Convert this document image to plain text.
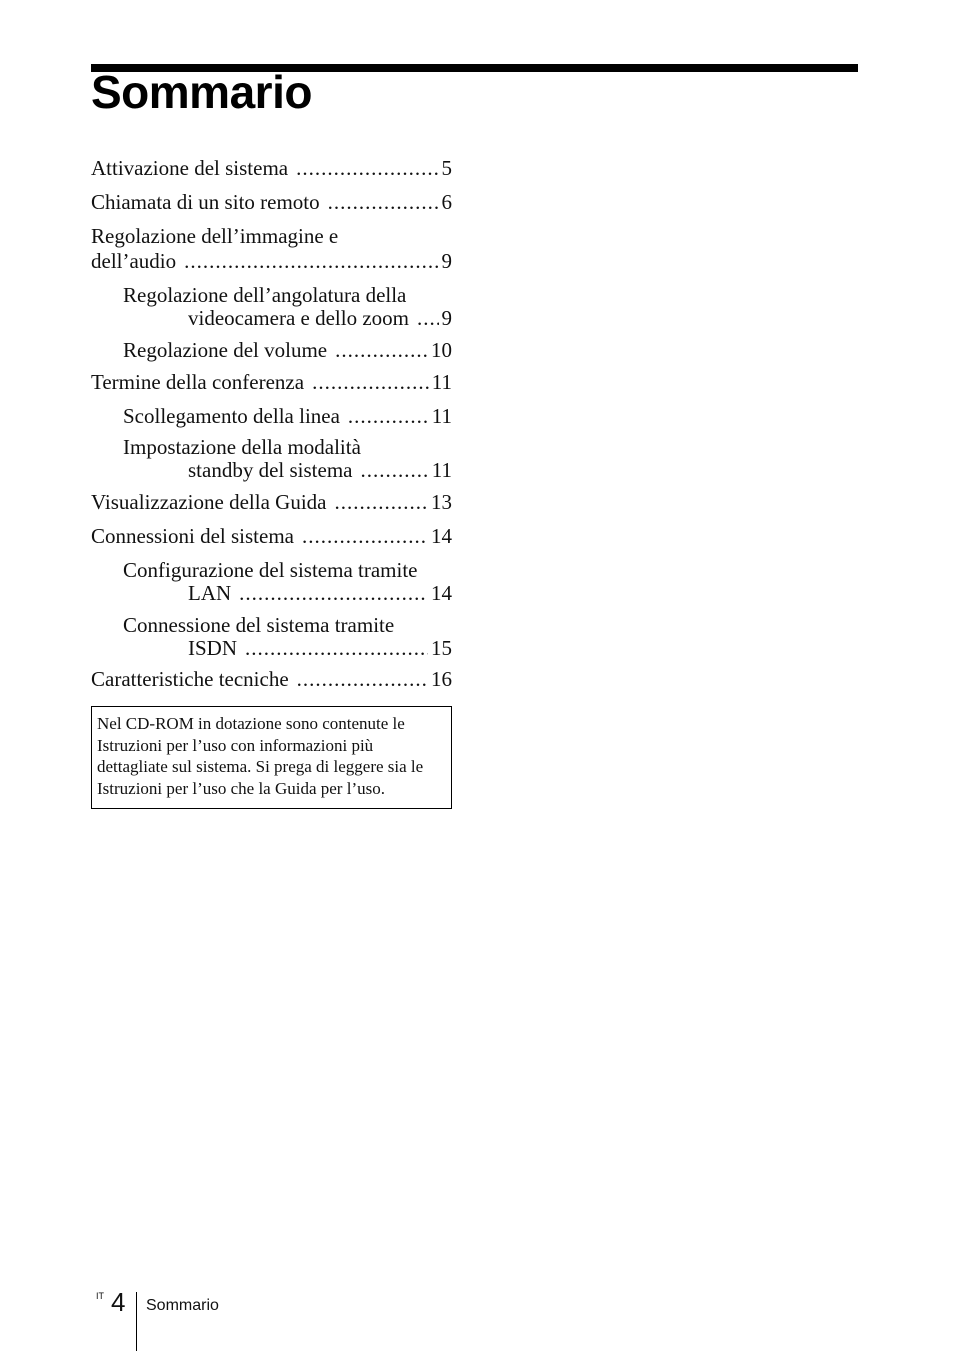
Sommario
Attivazione del sistema .....	5
Chiamata di un sito remoto .....	6
Regolazione dell’immagine e
dell’audio .....	9
Regolazione dell’angolatura della
videocamera e dello zoom ..... 9
Regolazione del volume .....	10
Termine della conferenza .....	11
Scollegamento della linea .....	11
Impostazione della modalità
standby del sistema .....	11
Visualizzazione della Guida .....	13
Connessioni del sistema .....	14
Configurazione del sistema tramite
LAN .....	14
Connessione del sistema tramite
ISDN .....	15
Caratteristiche tecniche .....	16
Nel CD-ROM in dotazione sono contenute le Istruzioni per l’uso con informazioni più dettagliate sul sistema. Si prega di leggere sia le Istruzioni per l’uso che la Guida per l’uso.
IT 4 Sommario
